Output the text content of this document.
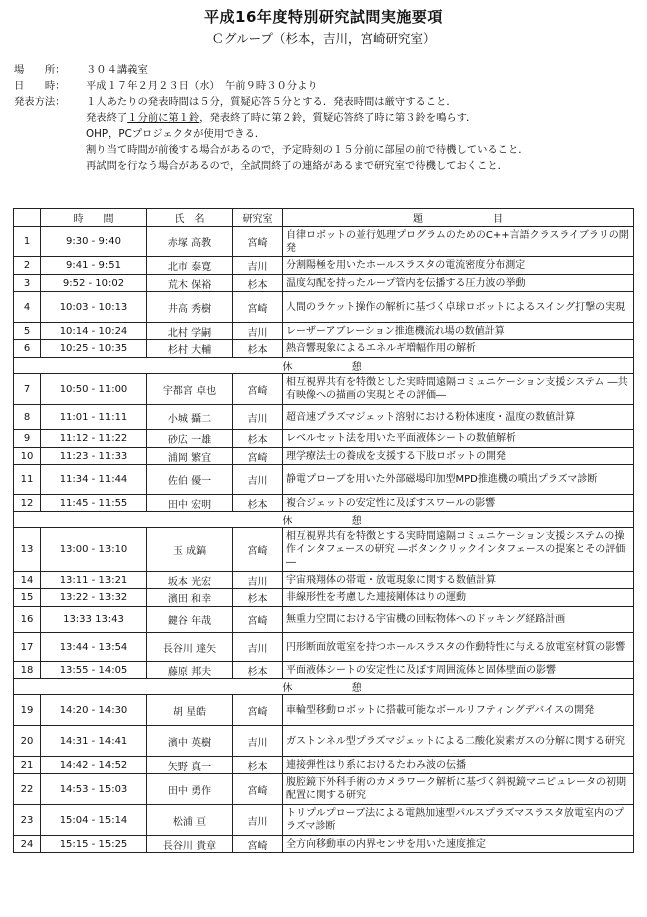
平成16年度特別研究試問実施要項
Ｃグループ（杉本，吉川，宮崎研究室）
場　　所：	３０４講義室
日　　時：	平成１７年２月２３日（水）　午前９時３０分より
発表方法：	１人あたりの発表時間は５分，質疑応答５分とする．発表時間は厳守すること．
発表終了１分前に第１鈴，発表終了時に第２鈴，質疑応答終了時に第３鈴を鳴らす．
OHP，PCプロジェクタが使用できる．
割り当て時間が前後する場合があるので，予定時刻の１５分前に部屋の前で待機していること．
再試問を行なう場合があるので，全試問終了の連絡があるまで研究室で待機しておくこと．
	時　　間	氏　名	研究室	題　　　　　　　目
1	9:30 ‐ 9:40	赤塚 高教	宮崎	自律ロボットの並行処理プログラムのためのC++言語クラスライブラリの開発
2	9:41 ‐ 9:51	北市 泰寛	吉川	分割陽極を用いたホールスラスタの電流密度分布測定
3	9:52 ‐ 10:02	荒木 保裕	杉本	温度勾配を持ったループ管内を伝播する圧力波の挙動
4	10:03 ‐ 10:13	井高 秀樹	宮崎	人間のラケット操作の解析に基づく卓球ロボットによるスイング打撃の実現
5	10:14 ‐ 10:24	北村 学嗣	吉川	レーザーアブレーション推進機流れ場の数値計算
6	10:25 ‐ 10:35	杉村 大輔	杉本	熱音響現象によるエネルギ増幅作用の解析
休 憩				
7	10:50 ‐ 11:00	宇都宮 卓也	宮崎	相互視界共有を特徴とした実時間遠隔コミュニケーション支援システム ―共有映像への描画の実現とその評価―
8	11:01 ‐ 11:11	小城 攝二	吉川	超音速プラズマジェット溶射における粉体速度・温度の数値計算
9	11:12 ‐ 11:22	砂広 一雄	杉本	レベルセット法を用いた平面液体シートの数値解析
10	11:23 ‐ 11:33	浦岡 繁宜	宮崎	理学療法士の養成を支援する下肢ロボットの開発
11	11:34 ‐ 11:44	佐伯 優一	吉川	静電プローブを用いた外部磁場印加型MPD推進機の噴出プラズマ診断
12	11:45 ‐ 11:55	田中 宏明	杉本	複合ジェットの安定性に及ぼすスワールの影響
休 憩				
13	13:00 ‐ 13:10	玉 成鎬	宮崎	相互視界共有を特徴とする実時間遠隔コミュニケーション支援システムの操作インタフェースの研究 ―ボタンクリックインタフェースの提案とその評価―
14	13:11 ‐ 13:21	坂本 光宏	吉川	宇宙飛翔体の帯電・放電現象に関する数値計算
15	13:22 ‐ 13:32	濱田 和幸	杉本	非線形性を考慮した連接剛体はりの運動
16	13:33 13:43	鍵谷 年哉	宮崎	無重力空間における宇宙機の回転物体へのドッキング経路計画
17	13:44 ‐ 13:54	長谷川 達矢	吉川	円形断面放電室を持つホールスラスタの作動特性に与える放電室材質の影響
18	13:55 ‐ 14:05	藤原 邦夫	杉本	平面液体シートの安定性に及ぼす周囲流体と固体壁面の影響
休 憩				
19	14:20 ‐ 14:30	胡 星皓	宮崎	車輪型移動ロボットに搭載可能なボールリフティングデバイスの開発
20	14:31 ‐ 14:41	濱中 英樹	吉川	ガストンネル型プラズマジェットによる二酸化炭素ガスの分解に関する研究
21	14:42 ‐ 14:52	矢野 真一	杉本	連接弾性はり系におけるたわみ波の伝播
22	14:53 ‐ 15:03	田中 勇作	宮崎	腹腔鏡下外科手術のカメラワーク解析に基づく斜視鏡マニピュレータの初期配置に関する研究
23	15:04 ‐ 15:14	松浦 亘	吉川	トリプルプローブ法による電熱加速型パルスプラズマスラスタ放電室内のプラズマ診断
24	15:15 ‐ 15:25	長谷川 貴章	宮崎	全方向移動車の内界センサを用いた速度推定
